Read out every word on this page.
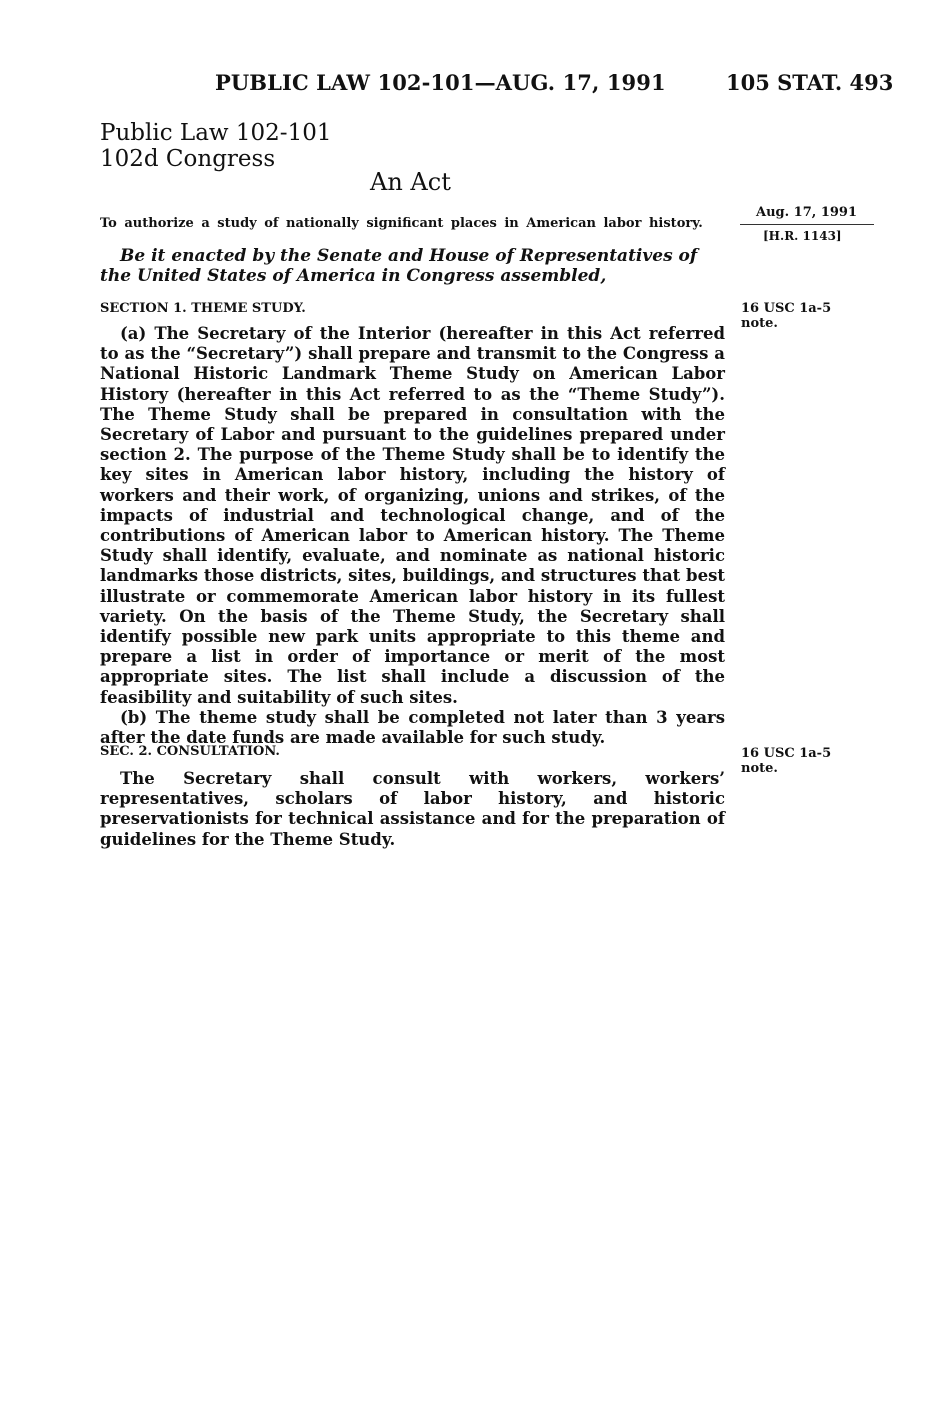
PUBLIC LAW 102-101—AUG. 17, 1991	105 STAT. 493
Public Law 102-101
102d Congress
An Act
To authorize a study of nationally significant places in American labor history.
Aug. 17, 1991
[H.R. 1143]
Be it enacted by the Senate and House of Representatives of the United States of America in Congress assembled,
SECTION 1. THEME STUDY.	16 USC 1a-5
note.

(a) The Secretary of the Interior (hereafter in this Act referred to as the “Secretary”) shall prepare and transmit to the Congress a National Historic Landmark Theme Study on American Labor History (hereafter in this Act referred to as the “Theme Study”). The Theme Study shall be prepared in consultation with the Secretary of Labor and pursuant to the guidelines prepared under section 2. The purpose of the Theme Study shall be to identify the key sites in American labor history, including the history of workers and their work, of organizing, unions and strikes, of the impacts of industrial and technological change, and of the contributions of American labor to American history. The Theme Study shall identify, evaluate, and nominate as national historic landmarks those districts, sites, buildings, and structures that best illustrate or commemorate American labor history in its fullest variety. On the basis of the Theme Study, the Secretary shall identify possible new park units appropriate to this theme and prepare a list in order of importance or merit of the most appropriate sites. The list shall include a discussion of the feasibility and suitability of such sites.

(b) The theme study shall be completed not later than 3 years after the date funds are made available for such study.

SEC. 2. CONSULTATION.	16 USC 1a-5
note.

The Secretary shall consult with workers, workers’ representatives, scholars of labor history, and historic preservationists for technical assistance and for the preparation of guidelines for the Theme Study.
